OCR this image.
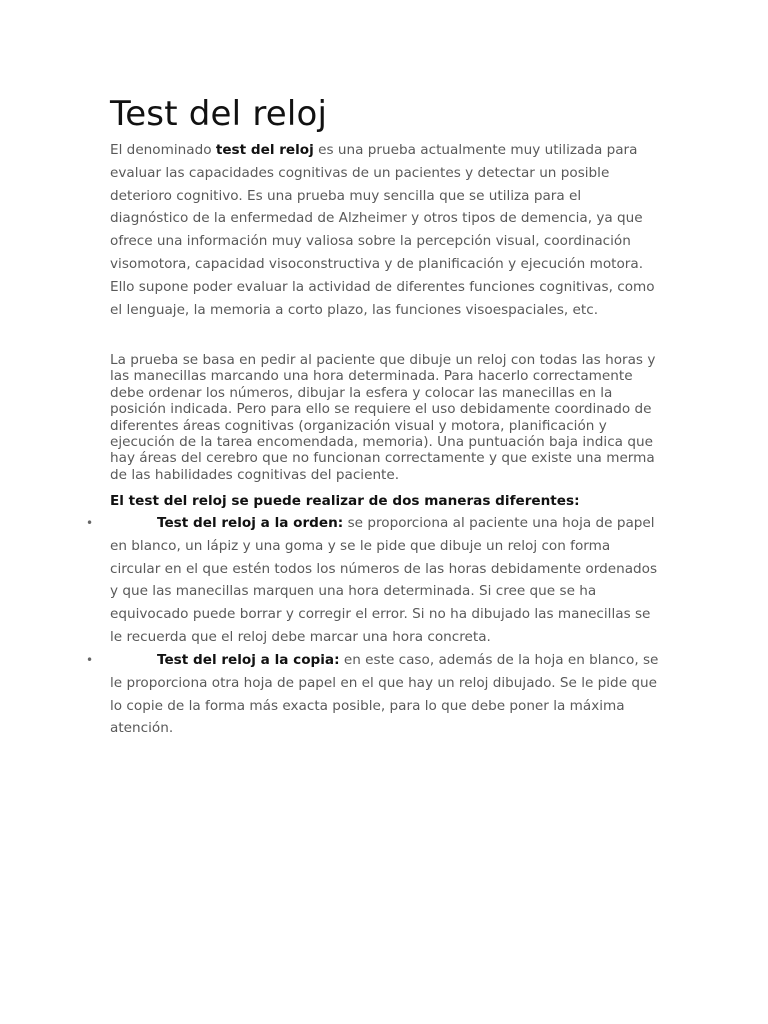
Test del reloj

El denominado test del reloj es una prueba actualmente muy utilizada para evaluar las capacidades cognitivas de un pacientes y detectar un posible deterioro cognitivo. Es una prueba muy sencilla que se utiliza para el diagnóstico de la enfermedad de Alzheimer y otros tipos de demencia, ya que ofrece una información muy valiosa sobre la percepción visual, coordinación visomotora, capacidad visoconstructiva y de planificación y ejecución motora. Ello supone poder evaluar la actividad de diferentes funciones cognitivas, como el lenguaje, la memoria a corto plazo, las funciones visoespaciales, etc.

La prueba se basa en pedir al paciente que dibuje un reloj con todas las horas y las manecillas marcando una hora determinada. Para hacerlo correctamente debe ordenar los números, dibujar la esfera y colocar las manecillas en la posición indicada. Pero para ello se requiere el uso debidamente coordinado de diferentes áreas cognitivas (organización visual y motora, planificación y ejecución de la tarea encomendada, memoria). Una puntuación baja indica que hay áreas del cerebro que no funcionan correctamente y que existe una merma de las habilidades cognitivas del paciente.

El test del reloj se puede realizar de dos maneras diferentes:

•	Test del reloj a la orden: se proporciona al paciente una hoja de papel en blanco, un lápiz y una goma y se le pide que dibuje un reloj con forma circular en el que estén todos los números de las horas debidamente ordenados y que las manecillas marquen una hora determinada. Si cree que se ha equivocado puede borrar y corregir el error. Si no ha dibujado las manecillas se le recuerda que el reloj debe marcar una hora concreta.
•	Test del reloj a la copia: en este caso, además de la hoja en blanco, se le proporciona otra hoja de papel en el que hay un reloj dibujado. Se le pide que lo copie de la forma más exacta posible, para lo que debe poner la máxima atención.
